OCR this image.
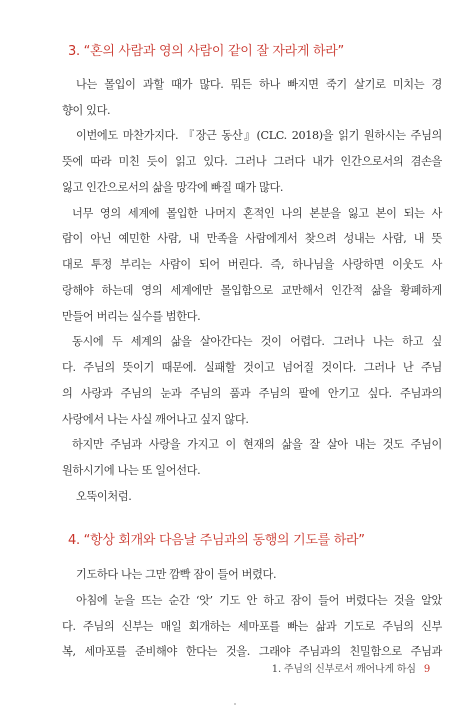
3. “혼의 사람과 영의 사람이 같이 잘 자라게 하라”
나는 몰입이 과할 때가 많다. 뭐든 하나 빠지면 죽기 살기로 미치는 경
향이 있다.
이번에도 마찬가지다. 『장근 동산』(CLC. 2018)을 읽기 원하시는 주님의
뜻에 따라 미친 듯이 읽고 있다. 그러나 그러다 내가 인간으로서의 겸손을
잃고 인간으로서의 삶을 망각에 빠질 때가 많다.
너무 영의 세계에 몰입한 나머지 혼적인 나의 본분을 잃고 본이 되는 사
람이 아닌 예민한 사람, 내 만족을 사람에게서 찾으려 성내는 사람, 내 뜻
대로 투정 부리는 사람이 되어 버린다. 즉, 하나님을 사랑하면 이웃도 사
랑해야 하는데 영의 세계에만 몰입함으로 교만해서 인간적 삶을 황폐하게
만들어 버리는 실수를 범한다.
동시에 두 세계의 삶을 살아간다는 것이 어렵다. 그러나 나는 하고 싶
다. 주님의 뜻이기 때문에. 실패할 것이고 넘어질 것이다. 그러나 난 주님
의 사랑과 주님의 눈과 주님의 품과 주님의 팔에 안기고 싶다. 주님과의
사랑에서 나는 사실 깨어나고 싶지 않다.
하지만 주님과 사랑을 가지고 이 현재의 삶을 잘 살아 내는 것도 주님이
원하시기에 나는 또 일어선다.
오뚝이처럼.
4. “항상 회개와 다음날 주님과의 동행의 기도를 하라”
기도하다 나는 그만 깜빡 잠이 들어 버렸다.
아침에 눈을 뜨는 순간 ‘앗’ 기도 안 하고 잠이 들어 버렸다는 것을 알았
다. 주님의 신부는 매일 회개하는 세마포를 빠는 삶과 기도로 주님의 신부
복, 세마포를 준비해야 한다는 것을. 그래야 주님과의 친밀함으로 주님과
1. 주님의 신부로서 깨어나게 하심 9
